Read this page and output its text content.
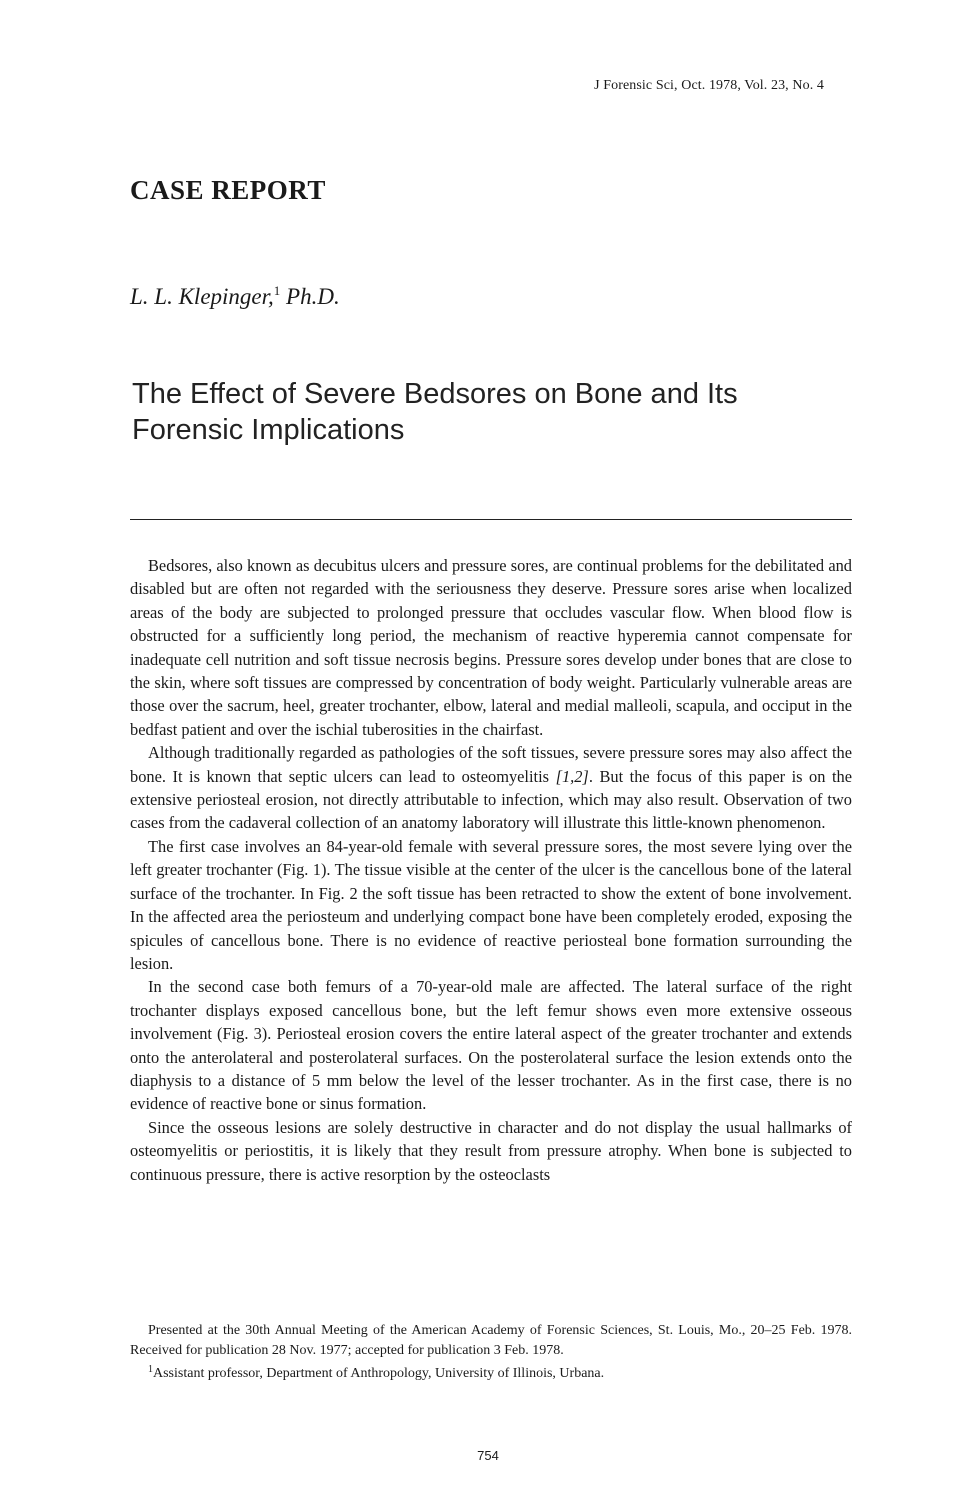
J Forensic Sci, Oct. 1978, Vol. 23, No. 4
CASE REPORT

L. L. Klepinger,$^1$ Ph.D.

The Effect of Severe Bedsores on Bone and Its Forensic Implications

Bedsores, also known as decubitus ulcers and pressure sores, are continual problems for the debilitated and disabled but are often not regarded with the seriousness they deserve. Pressure sores arise when localized areas of the body are subjected to prolonged pressure that occludes vascular flow. When blood flow is obstructed for a sufficiently long period, the mechanism of reactive hyperemia cannot compensate for inadequate cell nutrition and soft tissue necrosis begins. Pressure sores develop under bones that are close to the skin, where soft tissues are compressed by concentration of body weight. Particularly vulnerable areas are those over the sacrum, heel, greater trochanter, elbow, lateral and medial malleoli, scapula, and occiput in the bedfast patient and over the ischial tuberosities in the chairfast.

Although traditionally regarded as pathologies of the soft tissues, severe pressure sores may also affect the bone. It is known that septic ulcers can lead to osteomyelitis [1,2]. But the focus of this paper is on the extensive periosteal erosion, not directly attributable to infection, which may also result. Observation of two cases from the cadaveral collection of an anatomy laboratory will illustrate this little-known phenomenon.

The first case involves an 84-year-old female with several pressure sores, the most severe lying over the left greater trochanter (Fig. 1). The tissue visible at the center of the ulcer is the cancellous bone of the lateral surface of the trochanter. In Fig. 2 the soft tissue has been retracted to show the extent of bone involvement. In the affected area the periosteum and underlying compact bone have been completely eroded, exposing the spicules of cancellous bone. There is no evidence of reactive periosteal bone formation surrounding the lesion.

In the second case both femurs of a 70-year-old male are affected. The lateral surface of the right trochanter displays exposed cancellous bone, but the left femur shows even more extensive osseous involvement (Fig. 3). Periosteal erosion covers the entire lateral aspect of the greater trochanter and extends onto the anterolateral and posterolateral surfaces. On the posterolateral surface the lesion extends onto the diaphysis to a distance of 5 mm below the level of the lesser trochanter. As in the first case, there is no evidence of reactive bone or sinus formation.

Since the osseous lesions are solely destructive in character and do not display the usual hallmarks of osteomyelitis or periostitis, it is likely that they result from pressure atrophy. When bone is subjected to continuous pressure, there is active resorption by the osteoclasts

Presented at the 30th Annual Meeting of the American Academy of Forensic Sciences, St. Louis, Mo., 20–25 Feb. 1978. Received for publication 28 Nov. 1977; accepted for publication 3 Feb. 1978.

$^1$Assistant professor, Department of Anthropology, University of Illinois, Urbana.

754
